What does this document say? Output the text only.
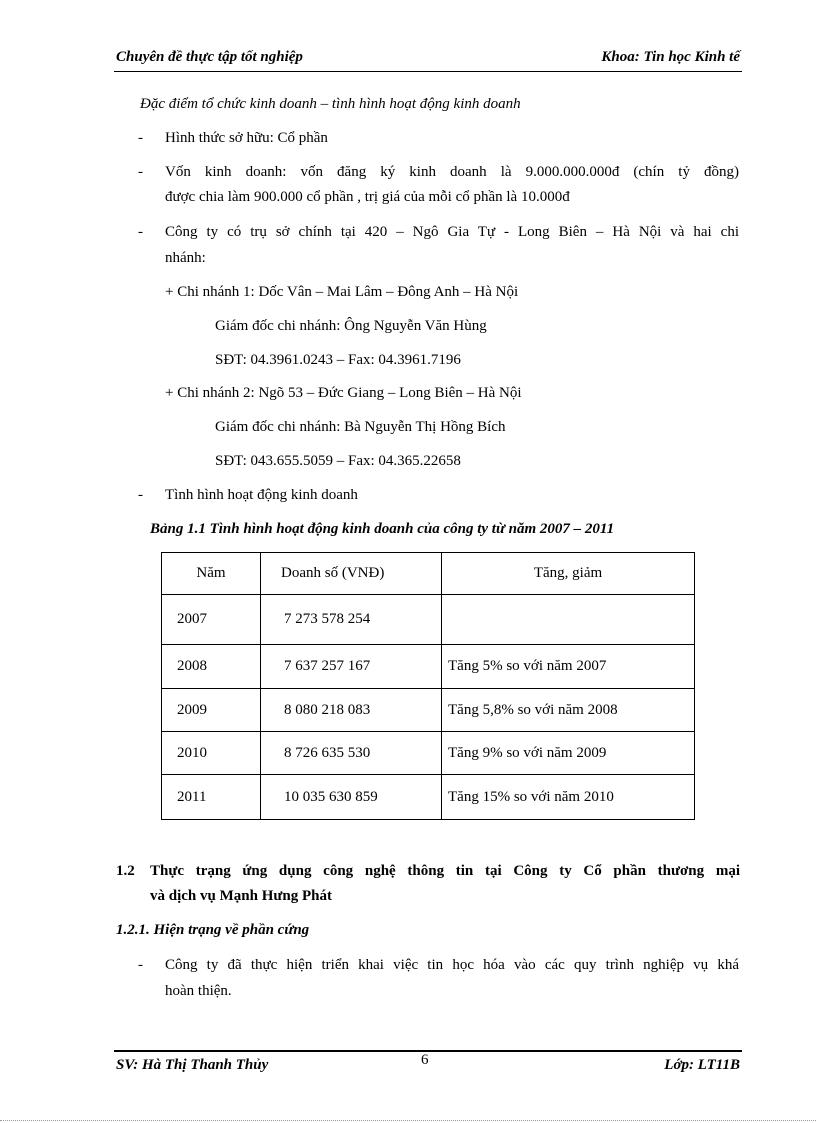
Chuyên đề thực tập tốt nghiệp	Khoa: Tin học Kinh tế
Đặc điểm tổ chức kinh doanh – tình hình hoạt động kinh doanh
- Hình thức sở hữu: Cổ phần
- Vốn kinh doanh: vốn đăng ký kinh doanh là 9.000.000.000đ (chín tỷ đồng)
được chia làm 900.000 cổ phần , trị giá của mỗi cổ phần là 10.000đ
- Công ty có trụ sở chính tại 420 – Ngô Gia Tự - Long Biên – Hà Nội và hai chi
nhánh:
+ Chi nhánh 1: Dốc Vân – Mai Lâm – Đông Anh – Hà Nội
Giám đốc chi nhánh: Ông Nguyễn Văn Hùng
SĐT: 04.3961.0243 – Fax: 04.3961.7196
+ Chi nhánh 2: Ngõ 53 – Đức Giang – Long Biên – Hà Nội
Giám đốc chi nhánh: Bà Nguyễn Thị Hồng Bích
SĐT: 043.655.5059 – Fax: 04.365.22658
- Tình hình hoạt động kinh doanh
Bảng 1.1 Tình hình hoạt động kinh doanh của công ty từ năm 2007 – 2011
Năm	Doanh số (VNĐ)	Tăng, giảm
2007	7 273 578 254	
2008	7 637 257 167	Tăng 5% so với năm 2007
2009	8 080 218 083	Tăng 5,8% so với năm 2008
2010	8 726 635 530	Tăng 9% so với năm 2009
2011	10 035 630 859	Tăng 15% so với năm 2010
1.2 Thực trạng ứng dụng công nghệ thông tin tại Công ty Cổ phần thương mại
và dịch vụ Mạnh Hưng Phát
1.2.1. Hiện trạng về phần cứng
- Công ty đã thực hiện triển khai việc tin học hóa vào các quy trình nghiệp vụ khá
hoàn thiện.
SV: Hà Thị Thanh Thủy	6	Lớp: LT11B
